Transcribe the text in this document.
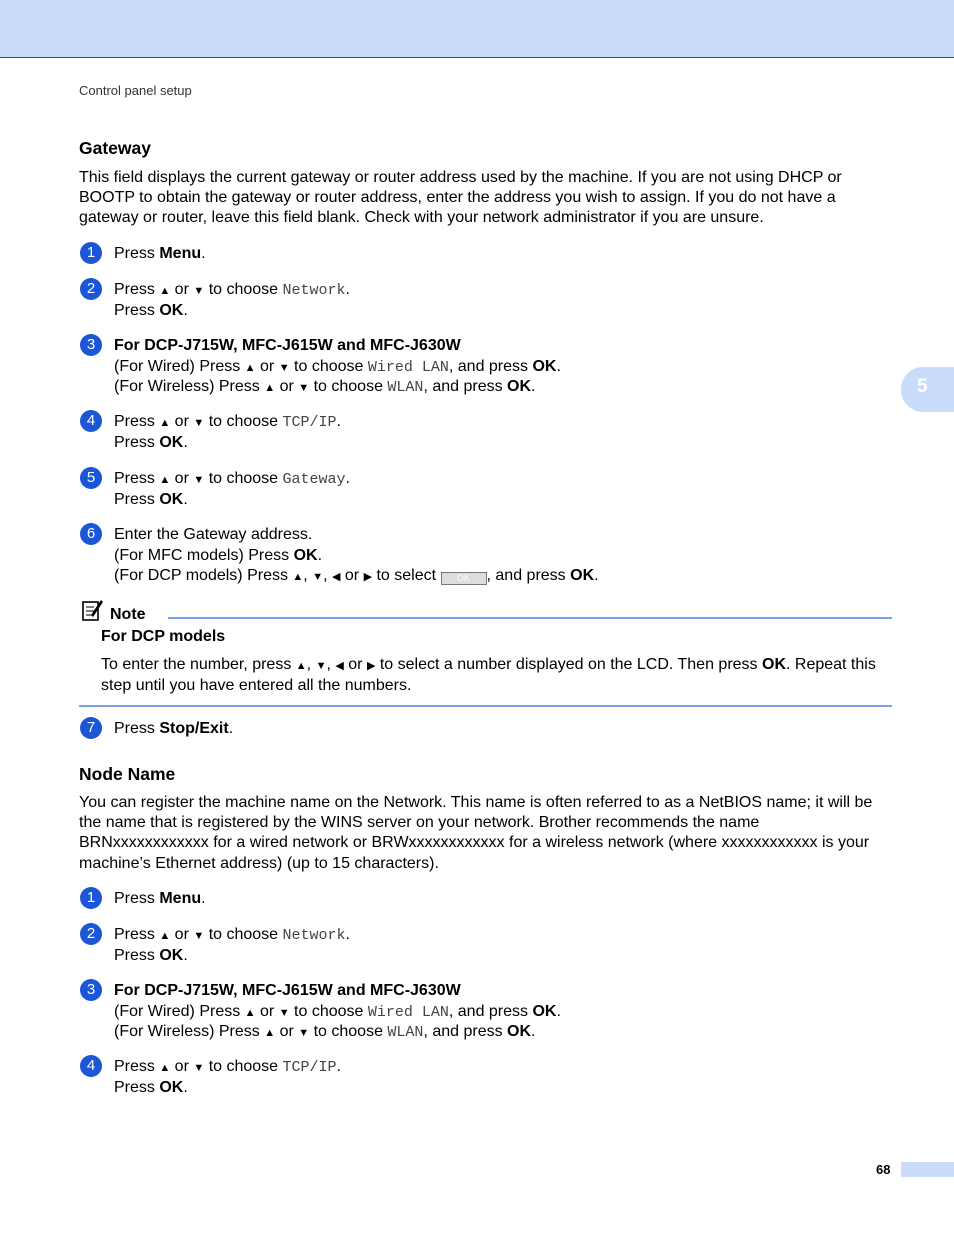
5
Control panel setup
Gateway
This field displays the current gateway or router address used by the machine. If you are not using DHCP or BOOTP to obtain the gateway or router address, enter the address you wish to assign. If you do not have a gateway or router, leave this field blank. Check with your network administrator if you are unsure.
1	Press Menu.
2	Press ▲ or ▼ to choose Network.
Press OK.
3	For DCP-J715W, MFC-J615W and MFC-J630W
(For Wired) Press ▲ or ▼ to choose Wired LAN, and press OK.
(For Wireless) Press ▲ or ▼ to choose WLAN, and press OK.
4	Press ▲ or ▼ to choose TCP/IP.
Press OK.
5	Press ▲ or ▼ to choose Gateway.
Press OK.
6	Enter the Gateway address.
(For MFC models) Press OK.
(For DCP models) Press ▲, ▼, ◀ or ▶ to select OK , and press OK.
Note
For DCP models
To enter the number, press ▲, ▼, ◀ or ▶ to select a number displayed on the LCD. Then press OK. Repeat this step until you have entered all the numbers.
7	Press Stop/Exit.
Node Name
You can register the machine name on the Network. This name is often referred to as a NetBIOS name; it will be the name that is registered by the WINS server on your network. Brother recommends the name BRNxxxxxxxxxxxx for a wired network or BRWxxxxxxxxxxxx for a wireless network (where xxxxxxxxxxxx is your machine’s Ethernet address) (up to 15 characters).
1	Press Menu.
2	Press ▲ or ▼ to choose Network.
Press OK.
3	For DCP-J715W, MFC-J615W and MFC-J630W
(For Wired) Press ▲ or ▼ to choose Wired LAN, and press OK.
(For Wireless) Press ▲ or ▼ to choose WLAN, and press OK.
4	Press ▲ or ▼ to choose TCP/IP.
Press OK.
68
